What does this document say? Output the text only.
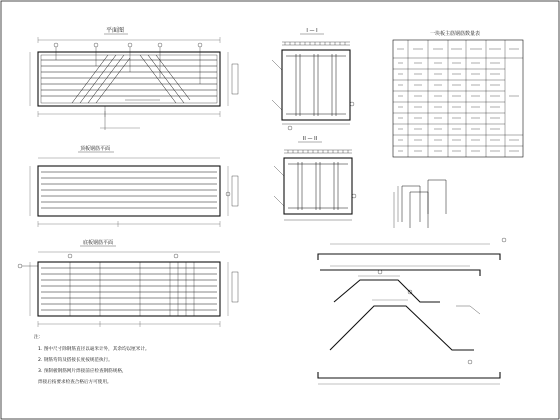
平面图
顶板钢筋平面
底板钢筋平面
I — I
II — II
一块板主筋钢筋数量表
注：
1. 图中尺寸除钢筋直径以毫米计外，其余均以厘米计。
2. 钢筋弯钩及搭接长度按规范执行。
3. 预制板钢筋网片焊接前应检查钢筋规格，
焊接后按要求检查合格后方可使用。
